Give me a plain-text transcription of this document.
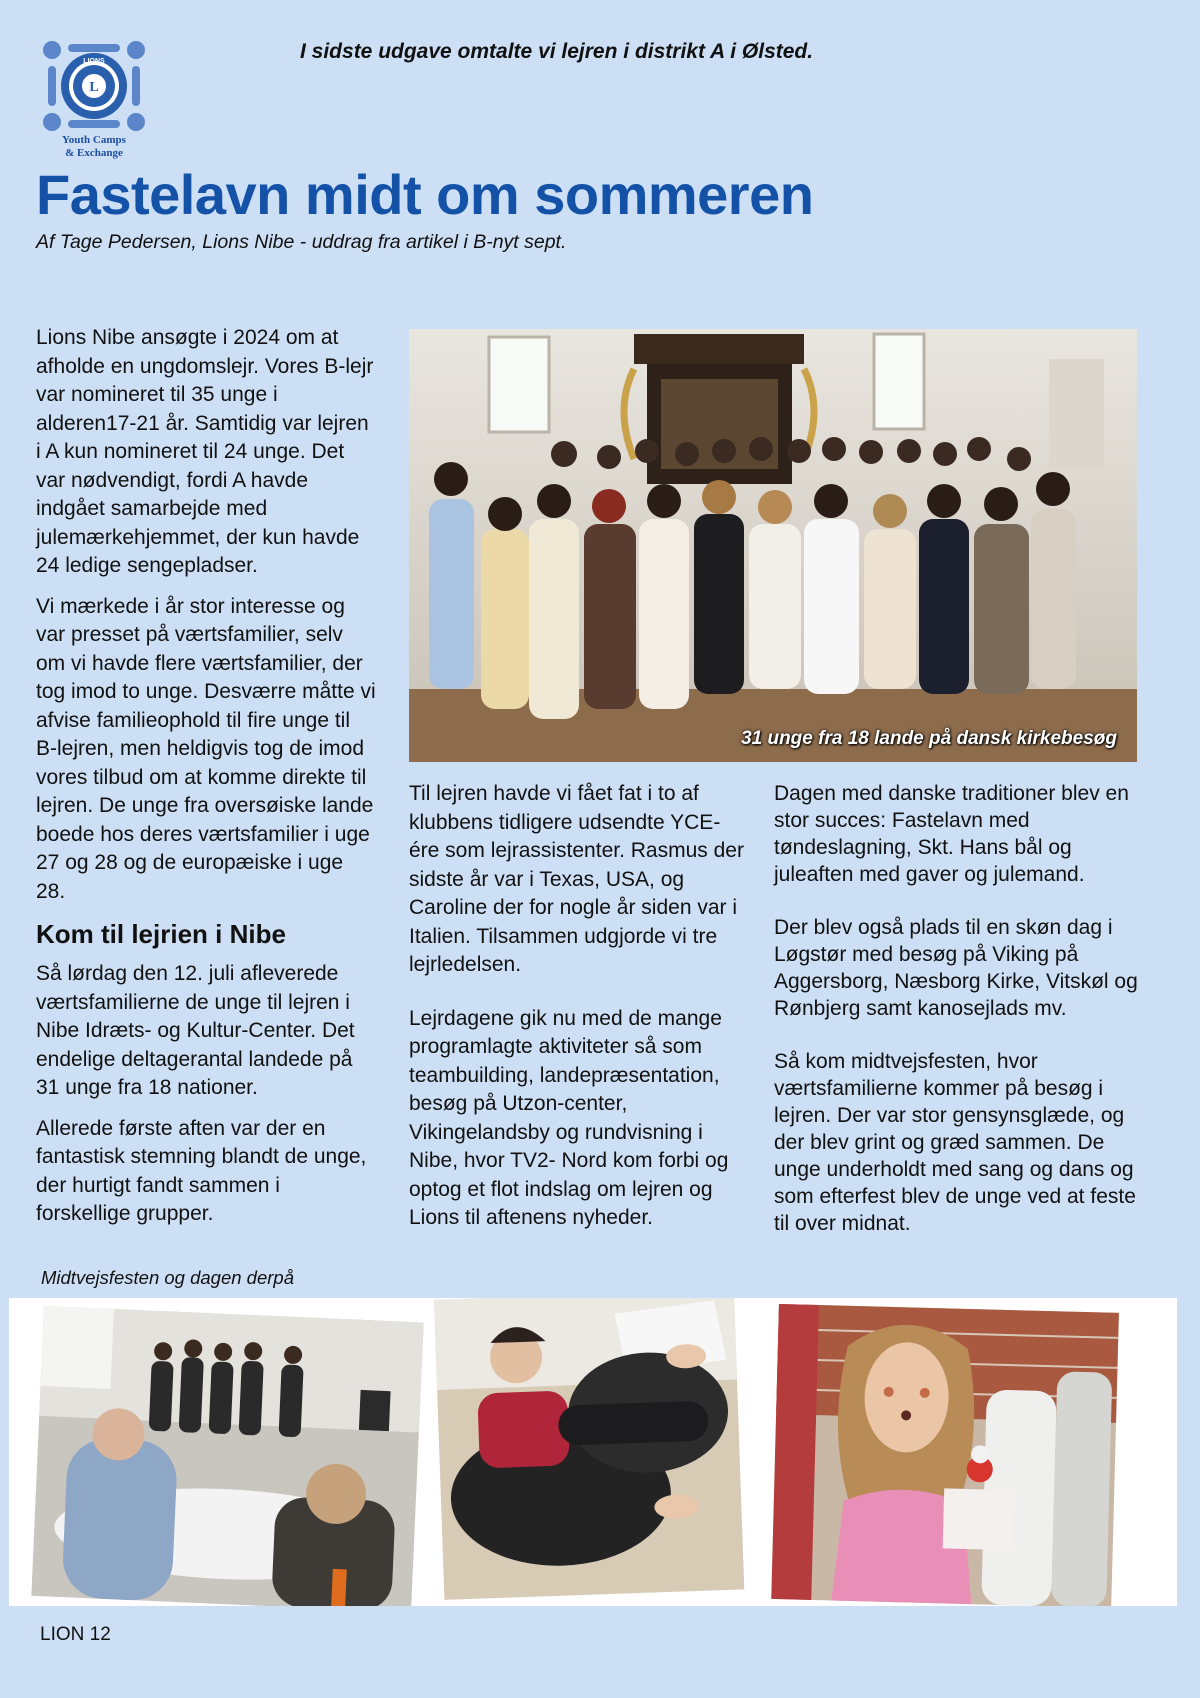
L
LIONS
Youth Camps
& Exchange
I sidste udgave omtalte vi lejren i distrikt A i Ølsted.
Fastelavn midt om sommeren
Af Tage Pedersen, Lions Nibe - uddrag fra artikel i B-nyt sept.

Lions Nibe ansøgte i 2024 om at afholde en ungdomslejr. Vores B-lejr var nomineret til 35 unge i alderen17-21 år. Samtidig var lejren i A kun nomineret til 24 unge. Det var nødvendigt, fordi A havde indgået samarbejde med julemærkehjemmet, der kun havde 24 ledige sengepladser.

Vi mærkede i år stor interesse og var presset på værtsfamilier, selv om vi havde flere værtsfamilier, der tog imod to unge. Desværre måtte vi afvise familieophold til fire unge til B-lejren, men heldigvis tog de imod vores tilbud om at komme direkte til lejren. De unge fra oversøiske lande boede hos deres værtsfamilier i uge 27 og 28 og de europæiske i uge 28.

Kom til lejrien i Nibe

Så lørdag den 12. juli afleverede værtsfamilierne de unge til lejren i Nibe Idræts- og Kultur-Center. Det endelige deltagerantal landede på 31 unge fra 18 nationer.

Allerede første aften var der en fantastisk stemning blandt de unge, der hurtigt fandt sammen i forskellige grupper.

31 unge fra 18 lande på dansk kirkebesøg

Til lejren havde vi fået fat i to af klubbens tidligere udsendte YCE-ére som lejrassistenter. Rasmus der sidste år var i Texas, USA, og Caroline der for nogle år siden var i Italien. Tilsammen udgjorde vi tre lejrledelsen.

Lejrdagene gik nu med de mange programlagte aktiviteter så som teambuilding, landepræsentation, besøg på Utzon-center, Vikingelandsby og rundvisning i Nibe, hvor TV2- Nord kom forbi og optog et flot indslag om lejren og Lions til aftenens nyheder.

Dagen med danske traditioner blev en stor succes: Fastelavn med tøndeslagning, Skt. Hans bål og juleaften med gaver og julemand.

Der blev også plads til en skøn dag i Løgstør med besøg på Viking på Aggersborg, Næsborg Kirke, Vitskøl og Rønbjerg samt kanosejlads mv.

Så kom midtvejsfesten, hvor værtsfamilierne kommer på besøg i lejren. Der var stor gensynsglæde, og der blev grint og græd sammen. De unge underholdt med sang og dans og som efterfest blev de unge ved at feste til over midnat.

Midtvejsfesten og dagen derpå
LION 12
